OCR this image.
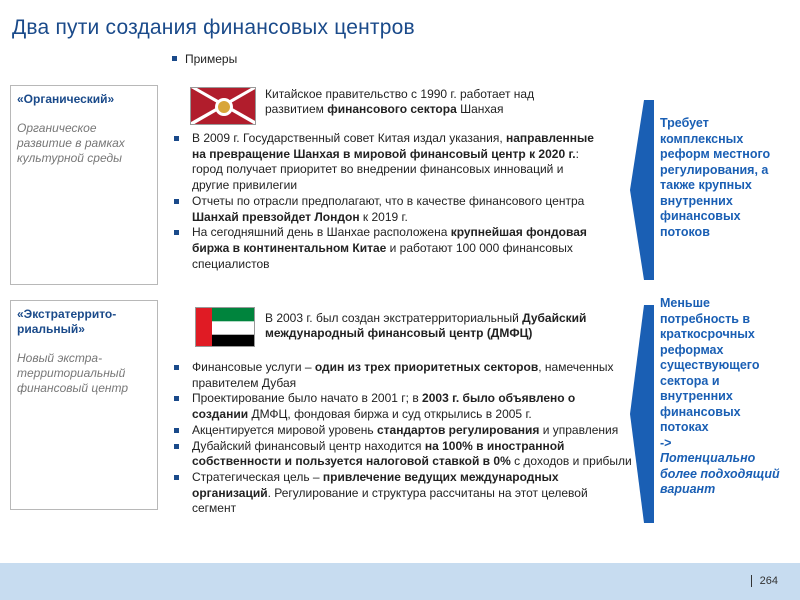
Два пути создания финансовых центров
Примеры
«Органический»
Органическое развитие в рамках культурной среды
Китайское правительство с 1990 г. работает над развитием финансового сектора Шанхая
В 2009 г. Государственный совет Китая издал указания, направленные на превращение Шанхая в мировой финансовый центр к 2020 г.: город получает приоритет во внедрении финансовых инноваций и другие привилегии
Отчеты по отрасли предполагают, что в качестве финансового центра Шанхай превзойдет Лондон к 2019 г.
На сегодняшний день в Шанхае расположена крупнейшая фондовая биржа в континентальном Китае и работают 100 000 финансовых специалистов
Требует комплексных реформ местного регулирования, а также крупных внутренних финансовых потоков
«Экстратеррито-риальный»
Новый экстра-территориальный финансовый центр
В 2003 г. был создан экстратерриториальный Дубайский международный финансовый центр (ДМФЦ)
Финансовые услуги – один из трех приоритетных секторов, намеченных правителем Дубая
Проектирование было начато в 2001 г; в 2003 г. было объявлено о создании ДМФЦ, фондовая биржа и суд открылись в 2005 г.
Акцентируется мировой уровень стандартов регулирования и управления
Дубайский финансовый центр находится на 100% в иностранной собственности и пользуется налоговой ставкой в 0% с доходов и прибыли
Стратегическая цель – привлечение ведущих международных организаций. Регулирование и структура рассчитаны на этот целевой сегмент
Меньше потребность в краткосрочных реформах существующего сектора и внутренних финансовых потоках
->
Потенциально более подходящий вариант
264
